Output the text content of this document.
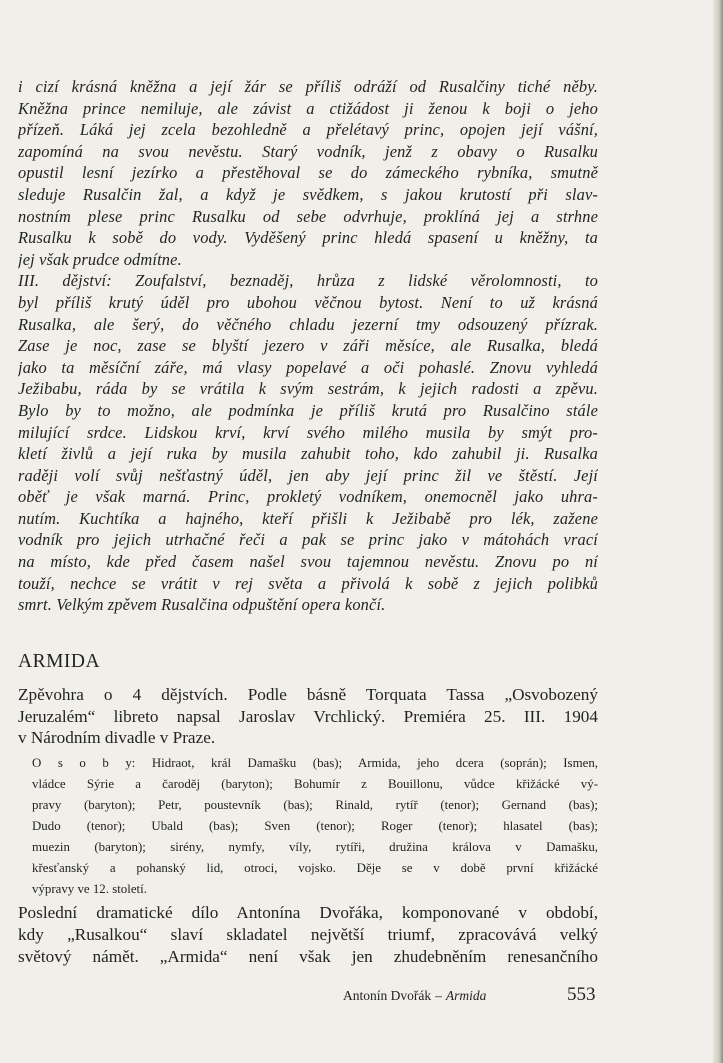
i cizí krásná kněžna a její žár se příliš odráží od Rusalčiny tiché něby.
Kněžna prince nemiluje, ale závist a ctižádost ji ženou k boji o jeho
přízeň. Láká jej zcela bezohledně a přelétavý princ, opojen její vášní,
zapomíná na svou nevěstu. Starý vodník, jenž z obavy o Rusalku
opustil lesní jezírko a přestěhoval se do zámeckého rybníka, smutně
sleduje Rusalčin žal, a když je svědkem, s jakou krutostí při slav-
nostním plese princ Rusalku od sebe odvrhuje, proklíná jej a strhne
Rusalku k sobě do vody. Vyděšený princ hledá spasení u kněžny, ta
jej však prudce odmítne.
III. dějství: Zoufalství, beznaděj, hrůza z lidské věrolomnosti, to
byl příliš krutý úděl pro ubohou věčnou bytost. Není to už krásná
Rusalka, ale šerý, do věčného chladu jezerní tmy odsouzený přízrak.
Zase je noc, zase se blyští jezero v záři měsíce, ale Rusalka, bledá
jako ta měsíční záře, má vlasy popelavé a oči pohaslé. Znovu vyhledá
Ježibabu, ráda by se vrátila k svým sestrám, k jejich radosti a zpěvu.
Bylo by to možno, ale podmínka je příliš krutá pro Rusalčino stále
milující srdce. Lidskou krví, krví svého milého musila by smýt pro-
kletí živlů a její ruka by musila zahubit toho, kdo zahubil ji. Rusalka
raději volí svůj nešťastný úděl, jen aby její princ žil ve štěstí. Její
oběť je však marná. Princ, prokletý vodníkem, onemocněl jako uhra-
nutím. Kuchtíka a hajného, kteří přišli k Ježibabě pro lék, zažene
vodník pro jejich utrhačné řeči a pak se princ jako v mátohách vrací
na místo, kde před časem našel svou tajemnou nevěstu. Znovu po ní
touží, nechce se vrátit v rej světa a přivolá k sobě z jejich polibků
smrt. Velkým zpěvem Rusalčina odpuštění opera končí.
ARMIDA
Zpěvohra o 4 dějstvích. Podle básně Torquata Tassa „Osvobozený
Jeruzalém“ libreto napsal Jaroslav Vrchlický. Premiéra 25. III. 1904
v Národním divadle v Praze.
O s o b y: Hidraot, král Damašku (bas); Armida, jeho dcera (soprán); Ismen,
vládce Sýrie a čaroděj (baryton); Bohumír z Bouillonu, vůdce křižácké vý-
pravy (baryton); Petr, poustevník (bas); Rinald, rytíř (tenor); Gernand (bas);
Dudo (tenor); Ubald (bas); Sven (tenor); Roger (tenor); hlasatel (bas);
muezin (baryton); sirény, nymfy, víly, rytíři, družina králova v Damašku,
křesťanský a pohanský lid, otroci, vojsko. Děje se v době první křižácké
výpravy ve 12. století.
Poslední dramatické dílo Antonína Dvořáka, komponované v období,
kdy „Rusalkou“ slaví skladatel největší triumf, zpracovává velký
světový námět. „Armida“ není však jen zhudebněním renesančního
Antonín Dvořák – Armida	553
